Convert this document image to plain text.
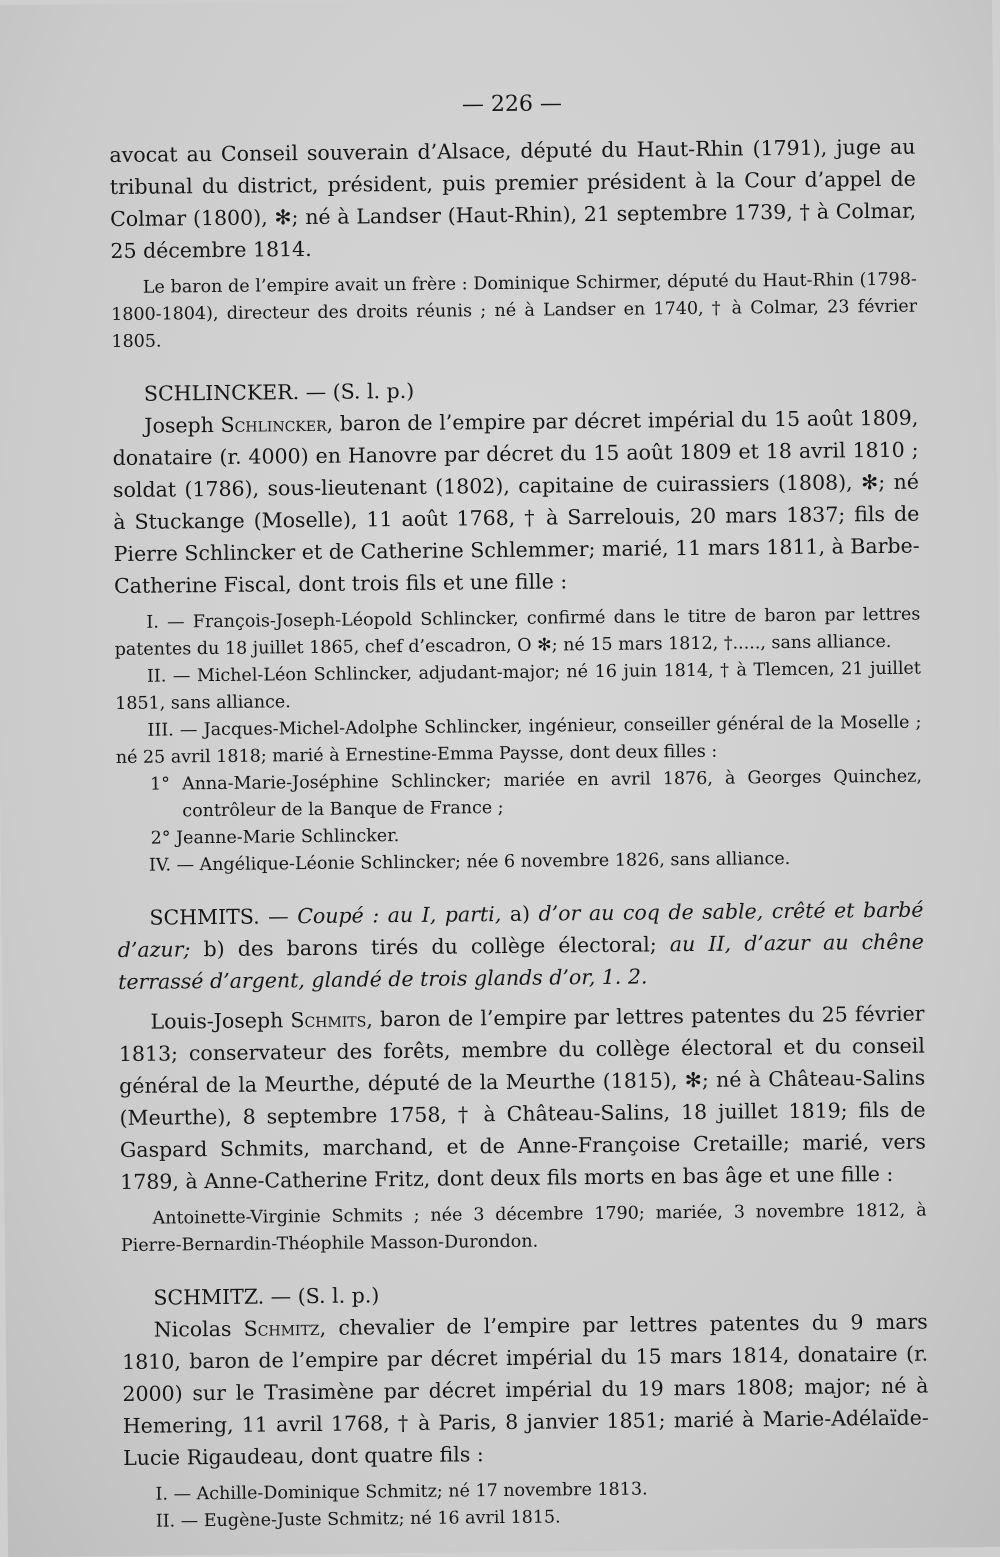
— 226 —

avocat au Conseil souverain d’Alsace, député du Haut-Rhin (1791), juge au tribunal du district, président, puis premier président à la Cour d’appel de Colmar (1800), ✻; né à Landser (Haut-Rhin), 21 septembre 1739, † à Colmar, 25 décembre 1814.

Le baron de l’empire avait un frère : Dominique Schirmer, député du Haut-Rhin (1798-1800-1804), directeur des droits réunis ; né à Landser en 1740, † à Colmar, 23 février 1805.

SCHLINCKER. — (S. l. p.)

Joseph Schlincker, baron de l’empire par décret impérial du 15 août 1809, donataire (r. 4000) en Hanovre par décret du 15 août 1809 et 18 avril 1810 ; soldat (1786), sous-lieutenant (1802), capitaine de cuirassiers (1808), ✻; né à Stuckange (Moselle), 11 août 1768, † à Sarrelouis, 20 mars 1837; fils de Pierre Schlincker et de Catherine Schlemmer; marié, 11 mars 1811, à Barbe-Catherine Fiscal, dont trois fils et une fille :

I. — François-Joseph-Léopold Schlincker, confirmé dans le titre de baron par lettres patentes du 18 juillet 1865, chef d’escadron, O ✻; né 15 mars 1812, †....., sans alliance.

II. — Michel-Léon Schlincker, adjudant-major; né 16 juin 1814, † à Tlemcen, 21 juillet 1851, sans alliance.

III. — Jacques-Michel-Adolphe Schlincker, ingénieur, conseiller général de la Moselle ; né 25 avril 1818; marié à Ernestine-Emma Paysse, dont deux filles :

1° Anna-Marie-Joséphine Schlincker; mariée en avril 1876, à Georges Quinchez, contrôleur de la Banque de France ;

2° Jeanne-Marie Schlincker.

IV. — Angélique-Léonie Schlincker; née 6 novembre 1826, sans alliance.

SCHMITS. — Coupé : au I, parti, a) d’or au coq de sable, crêté et barbé d’azur; b) des barons tirés du collège électoral; au II, d’azur au chêne terrassé d’argent, glandé de trois glands d’or, 1. 2.

Louis-Joseph Schmits, baron de l’empire par lettres patentes du 25 février 1813; conservateur des forêts, membre du collège électoral et du conseil général de la Meurthe, député de la Meurthe (1815), ✻; né à Château-Salins (Meurthe), 8 septembre 1758, † à Château-Salins, 18 juillet 1819; fils de Gaspard Schmits, marchand, et de Anne-Françoise Cretaille; marié, vers 1789, à Anne-Catherine Fritz, dont deux fils morts en bas âge et une fille :

Antoinette-Virginie Schmits ; née 3 décembre 1790; mariée, 3 novembre 1812, à Pierre-Bernardin-Théophile Masson-Durondon.

SCHMITZ. — (S. l. p.)

Nicolas Schmitz, chevalier de l’empire par lettres patentes du 9 mars 1810, baron de l’empire par décret impérial du 15 mars 1814, donataire (r. 2000) sur le Trasimène par décret impérial du 19 mars 1808; major; né à Hemering, 11 avril 1768, † à Paris, 8 janvier 1851; marié à Marie-Adélaïde-Lucie Rigaudeau, dont quatre fils :

I. — Achille-Dominique Schmitz; né 17 novembre 1813.

II. — Eugène-Juste Schmitz; né 16 avril 1815.
